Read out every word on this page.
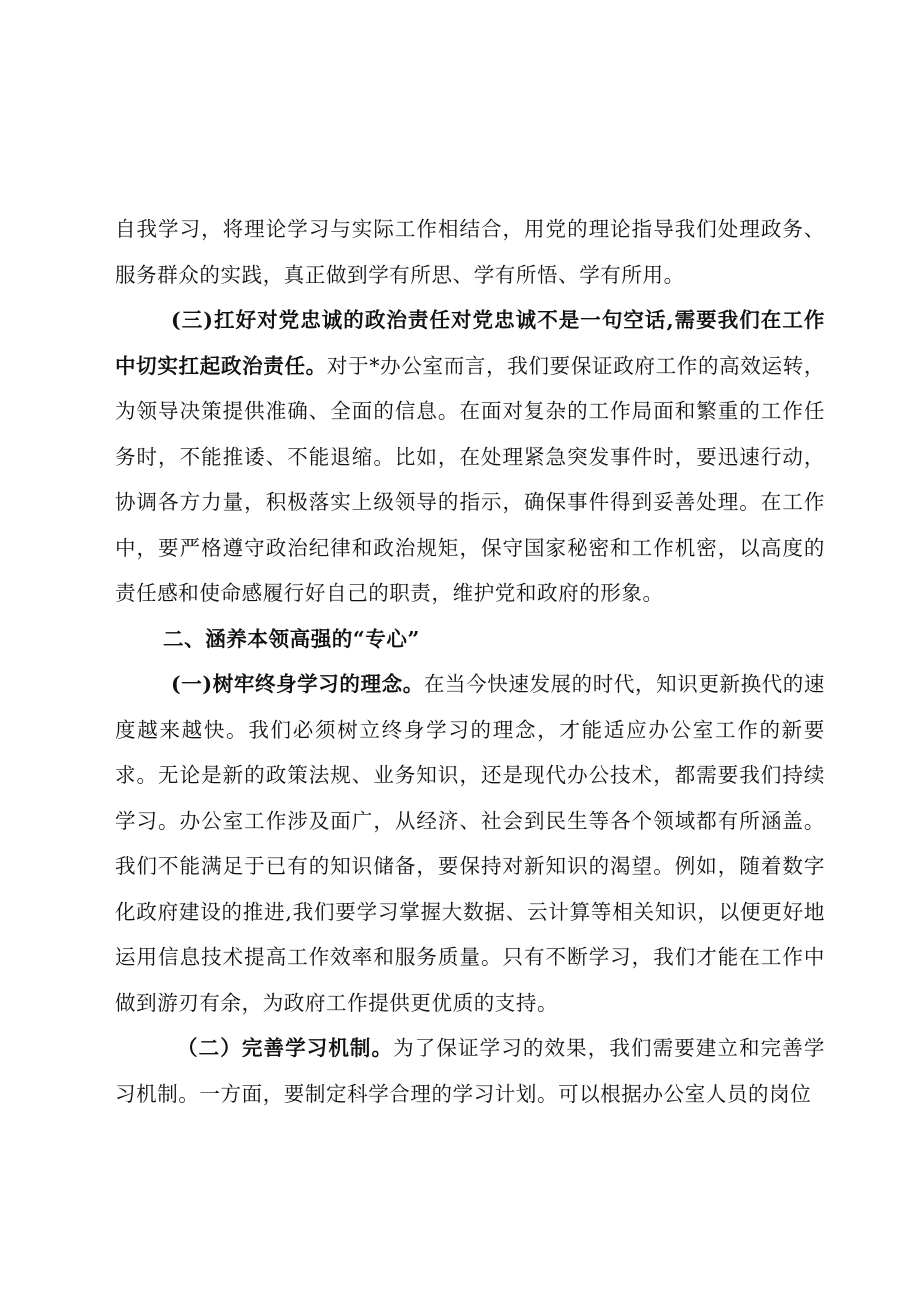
自我学习，将理论学习与实际工作相结合，用党的理论指导我们处理政务、服务群众的实践，真正做到学有所思、学有所悟、学有所用。

(三)扛好对党忠诚的政治责任对党忠诚不是一句空话,需要我们在工作中切实扛起政治责任。对于*办公室而言，我们要保证政府工作的高效运转，为领导决策提供准确、全面的信息。在面对复杂的工作局面和繁重的工作任务时，不能推诿、不能退缩。比如，在处理紧急突发事件时，要迅速行动，协调各方力量，积极落实上级领导的指示，确保事件得到妥善处理。在工作中，要严格遵守政治纪律和政治规矩，保守国家秘密和工作机密，以高度的责任感和使命感履行好自己的职责，维护党和政府的形象。

二、涵养本领高强的“专心”

(一)树牢终身学习的理念。在当今快速发展的时代，知识更新换代的速度越来越快。我们必须树立终身学习的理念，才能适应办公室工作的新要求。无论是新的政策法规、业务知识，还是现代办公技术，都需要我们持续学习。办公室工作涉及面广，从经济、社会到民生等各个领域都有所涵盖。我们不能满足于已有的知识储备，要保持对新知识的渴望。例如，随着数字化政府建设的推进,我们要学习掌握大数据、云计算等相关知识，以便更好地运用信息技术提高工作效率和服务质量。只有不断学习，我们才能在工作中做到游刃有余，为政府工作提供更优质的支持。

（二）完善学习机制。为了保证学习的效果，我们需要建立和完善学习机制。一方面，要制定科学合理的学习计划。可以根据办公室人员的岗位
